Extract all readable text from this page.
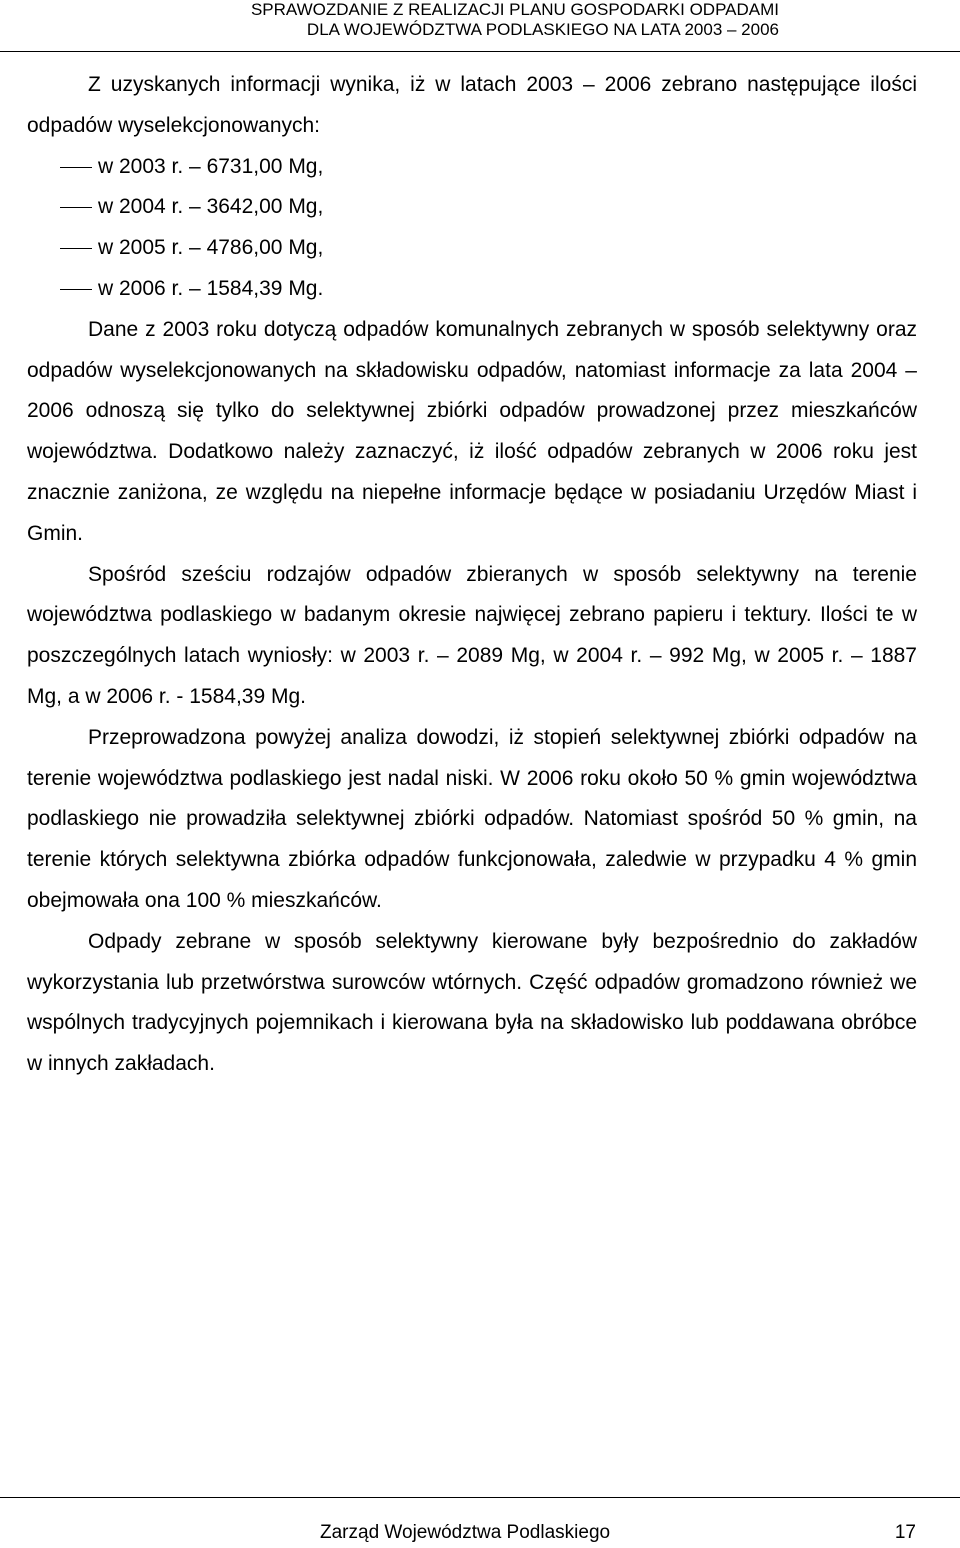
SPRAWOZDANIE Z REALIZACJI PLANU GOSPODARKI ODPADAMI
DLA WOJEWÓDZTWA PODLASKIEGO NA LATA 2003 – 2006

Z uzyskanych informacji wynika, iż w latach 2003 – 2006 zebrano następujące ilości odpadów wyselekcjonowanych:

w 2003 r. – 6731,00 Mg,
w 2004 r. – 3642,00 Mg,
w 2005 r. – 4786,00 Mg,
w 2006 r. – 1584,39 Mg.

Dane z 2003 roku dotyczą odpadów komunalnych zebranych w sposób selektywny oraz odpadów wyselekcjonowanych na składowisku odpadów, natomiast informacje za lata 2004 – 2006 odnoszą się tylko do selektywnej zbiórki odpadów prowadzonej przez mieszkańców województwa. Dodatkowo należy zaznaczyć, iż ilość odpadów zebranych w 2006 roku jest znacznie zaniżona, ze względu na niepełne informacje będące w posiadaniu Urzędów Miast i Gmin.

Spośród sześciu rodzajów odpadów zbieranych w sposób selektywny na terenie województwa podlaskiego w badanym okresie najwięcej zebrano papieru i tektury. Ilości te w poszczególnych latach wyniosły: w 2003 r. – 2089 Mg, w 2004 r. – 992 Mg, w 2005 r. – 1887 Mg, a w 2006 r. - 1584,39 Mg.

Przeprowadzona powyżej analiza dowodzi, iż stopień selektywnej zbiórki odpadów na terenie województwa podlaskiego jest nadal niski. W 2006 roku około 50 % gmin województwa podlaskiego nie prowadziła selektywnej zbiórki odpadów. Natomiast spośród 50 % gmin, na terenie których selektywna zbiórka odpadów funkcjonowała, zaledwie w przypadku 4 % gmin obejmowała ona 100 % mieszkańców.

Odpady zebrane w sposób selektywny kierowane były bezpośrednio do zakładów wykorzystania lub przetwórstwa surowców wtórnych. Część odpadów gromadzono również we wspólnych tradycyjnych pojemnikach i kierowana była na składowisko lub poddawana obróbce w innych zakładach.

Zarząd Województwa Podlaskiego	17
